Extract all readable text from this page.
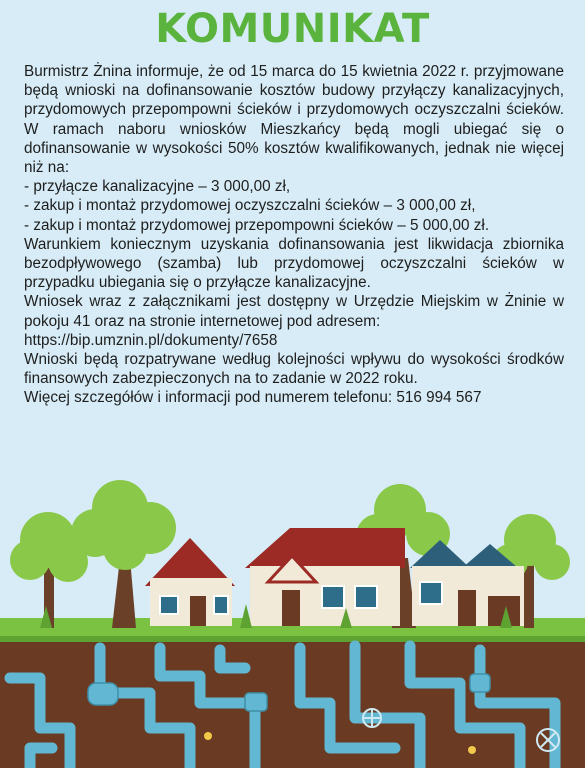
KOMUNIKAT

Burmistrz Żnina informuje, że od 15 marca do 15 kwietnia 2022 r. przyjmowane będą wnioski na dofinansowanie kosztów budowy przyłączy kanalizacyjnych, przydomowych przepompowni ścieków i przydomowych oczyszczalni ścieków. W ramach naboru wniosków Mieszkańcy będą mogli ubiegać się o dofinansowanie w wysokości 50% kosztów kwalifikowanych, jednak nie więcej niż na:

- przyłącze kanalizacyjne – 3 000,00 zł,

- zakup i montaż przydomowej oczyszczalni ścieków – 3 000,00 zł,

- zakup i montaż przydomowej przepompowni ścieków – 5 000,00 zł.

Warunkiem koniecznym uzyskania dofinansowania jest likwidacja zbiornika bezodpływowego (szamba) lub przydomowej oczyszczalni ścieków w przypadku ubiegania się o przyłącze kanalizacyjne.

Wniosek wraz z załącznikami jest dostępny w Urzędzie Miejskim w Żninie w pokoju 41 oraz na stronie internetowej pod adresem:

https://bip.umznin.pl/dokumenty/7658

Wnioski będą rozpatrywane według kolejności wpływu do wysokości środków finansowych zabezpieczonych na to zadanie w 2022 roku.

Więcej szczegółów i informacji pod numerem telefonu: 516 994 567
